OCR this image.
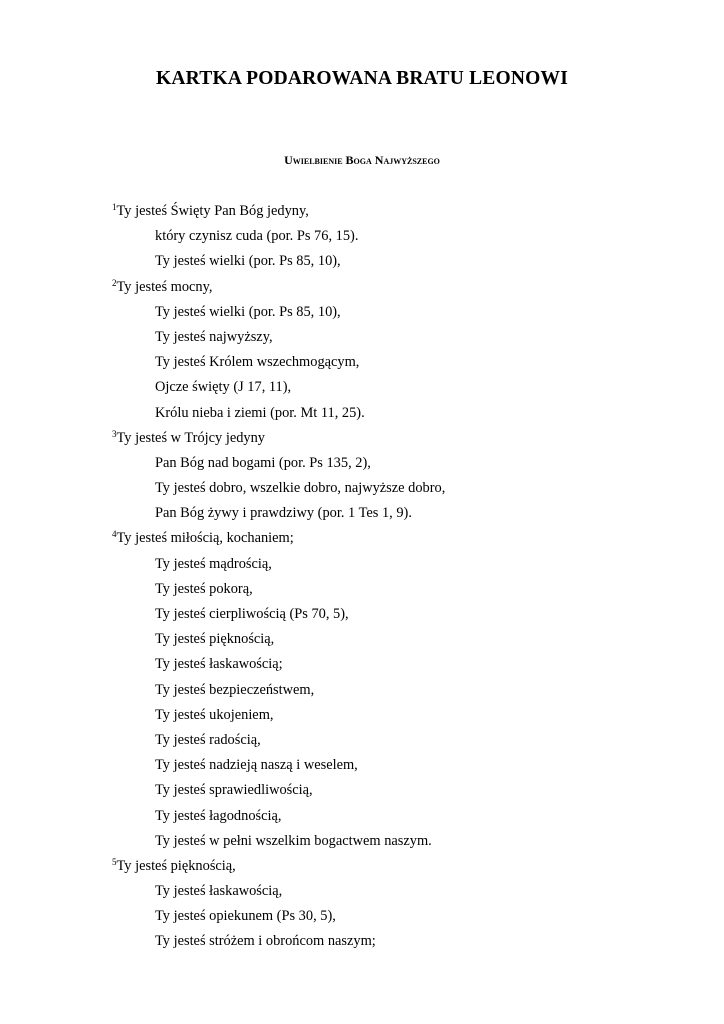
KARTKA PODAROWANA BRATU LEONOWI
Uwielbienie Boga Najwyższego
$^1$Ty jesteś Święty Pan Bóg jedyny,
który czynisz cuda (por. Ps 76, 15).
Ty jesteś wielki (por. Ps 85, 10),
$^2$Ty jesteś mocny,
Ty jesteś wielki (por. Ps 85, 10),
Ty jesteś najwyższy,
Ty jesteś Królem wszechmogącym,
Ojcze święty (J 17, 11),
Królu nieba i ziemi (por. Mt 11, 25).
$^3$Ty jesteś w Trójcy jedyny
Pan Bóg nad bogami (por. Ps 135, 2),
Ty jesteś dobro, wszelkie dobro, najwyższe dobro,
Pan Bóg żywy i prawdziwy (por. 1 Tes 1, 9).
$^4$Ty jesteś miłością, kochaniem;
Ty jesteś mądrością,
Ty jesteś pokorą,
Ty jesteś cierpliwością (Ps 70, 5),
Ty jesteś pięknością,
Ty jesteś łaskawością;
Ty jesteś bezpieczeństwem,
Ty jesteś ukojeniem,
Ty jesteś radością,
Ty jesteś nadzieją naszą i weselem,
Ty jesteś sprawiedliwością,
Ty jesteś łagodnością,
Ty jesteś w pełni wszelkim bogactwem naszym.
$^5$Ty jesteś pięknością,
Ty jesteś łaskawością,
Ty jesteś opiekunem (Ps 30, 5),
Ty jesteś stróżem i obrońcom naszym;
